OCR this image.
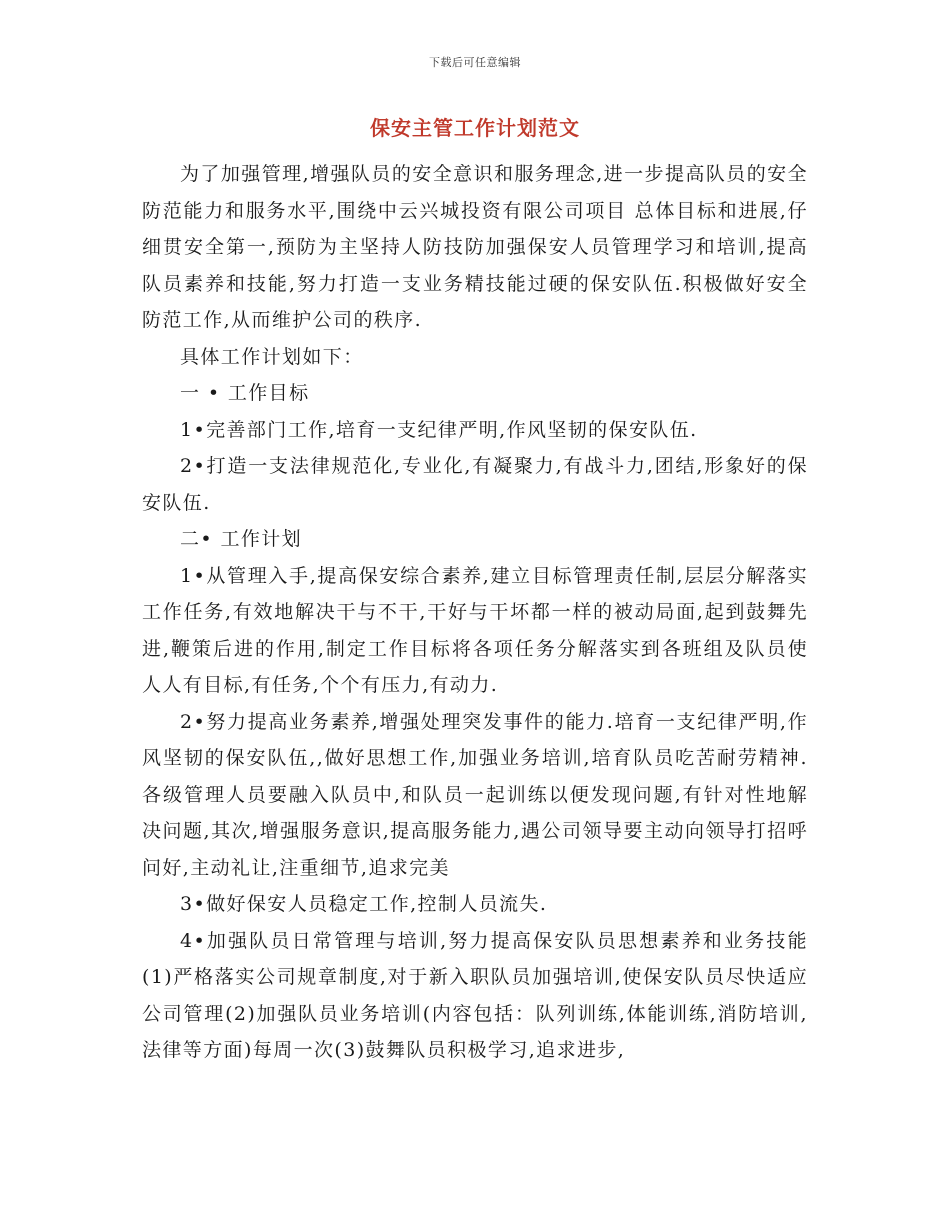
下载后可任意编辑
保安主管工作计划范文

为了加强管理,增强队员的安全意识和服务理念,进一步提高队员的安全防范能力和服务水平,围绕中云兴城投资有限公司项目 总体目标和进展,仔细贯安全第一,预防为主坚持人防技防加强保安人员管理学习和培训,提高队员素养和技能,努力打造一支业务精技能过硬的保安队伍.积极做好安全防范工作,从而维护公司的秩序.

具体工作计划如下：

一 • 工作目标

1•完善部门工作,培育一支纪律严明,作风坚韧的保安队伍.

2•打造一支法律规范化,专业化,有凝聚力,有战斗力,团结,形象好的保安队伍.

二• 工作计划

1•从管理入手,提高保安综合素养,建立目标管理责任制,层层分解落实工作任务,有效地解决干与不干,干好与干坏都一样的被动局面,起到鼓舞先进,鞭策后进的作用,制定工作目标将各项任务分解落实到各班组及队员使人人有目标,有任务,个个有压力,有动力.

2•努力提高业务素养,增强处理突发事件的能力.培育一支纪律严明,作风坚韧的保安队伍,,做好思想工作,加强业务培训,培育队员吃苦耐劳精神.各级管理人员要融入队员中,和队员一起训练以便发现问题,有针对性地解决问题,其次,增强服务意识,提高服务能力,遇公司领导要主动向领导打招呼问好,主动礼让,注重细节,追求完美

3•做好保安人员稳定工作,控制人员流失.

4•加强队员日常管理与培训,努力提高保安队员思想素养和业务技能(1)严格落实公司规章制度,对于新入职队员加强培训,使保安队员尽快适应公司管理(2)加强队员业务培训(内容包括：队列训练,体能训练,消防培训,法律等方面)每周一次(3)鼓舞队员积极学习,追求进步,
